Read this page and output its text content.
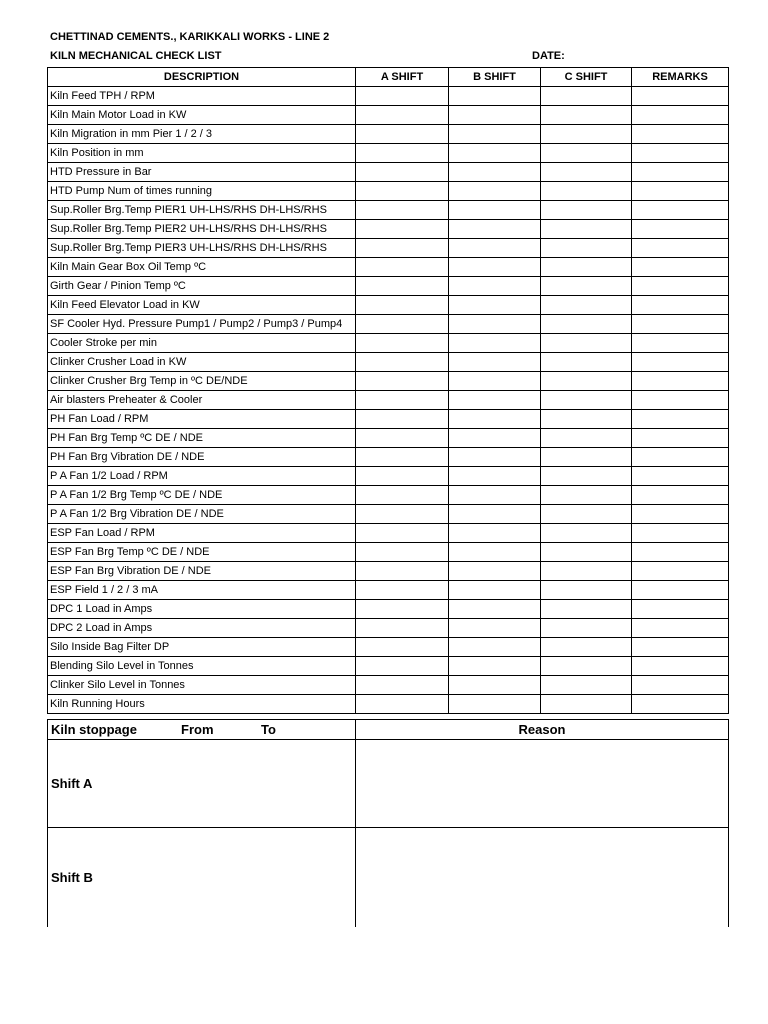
CHETTINAD CEMENTS., KARIKKALI WORKS - LINE 2
KILN MECHANICAL CHECK LIST	DATE:
DESCRIPTION	A SHIFT	B SHIFT	C SHIFT	REMARKS
Kiln Feed TPH / RPM				
Kiln Main Motor Load in KW				
Kiln Migration in mm Pier 1 / 2 / 3				
Kiln Position in mm				
HTD Pressure in Bar				
HTD Pump Num of times running				
Sup.Roller Brg.Temp PIER1 UH-LHS/RHS DH-LHS/RHS				
Sup.Roller Brg.Temp PIER2 UH-LHS/RHS DH-LHS/RHS				
Sup.Roller Brg.Temp PIER3 UH-LHS/RHS DH-LHS/RHS				
Kiln Main Gear Box Oil Temp ºC				
Girth Gear / Pinion Temp ºC				
Kiln Feed Elevator Load in KW				
SF Cooler Hyd. Pressure Pump1 / Pump2 / Pump3 / Pump4				
Cooler Stroke per min				
Clinker Crusher Load in KW				
Clinker Crusher Brg Temp in ºC DE/NDE				
Air blasters Preheater & Cooler				
PH Fan Load / RPM				
PH Fan Brg Temp ºC DE / NDE				
PH Fan Brg Vibration DE / NDE				
P A Fan 1/2 Load / RPM				
P A Fan 1/2 Brg Temp ºC DE / NDE				
P A Fan 1/2 Brg Vibration DE / NDE				
ESP Fan Load / RPM				
ESP Fan Brg Temp ºC DE / NDE				
ESP Fan Brg Vibration DE / NDE				
ESP Field 1 / 2 / 3 mA				
DPC 1 Load in Amps				
DPC 2 Load in Amps				
Silo Inside Bag Filter DP				
Blending Silo Level in Tonnes				
Clinker Silo Level in Tonnes				
Kiln Running Hours				
Kiln stoppage From To	Reason
Shift A	
Shift B	
